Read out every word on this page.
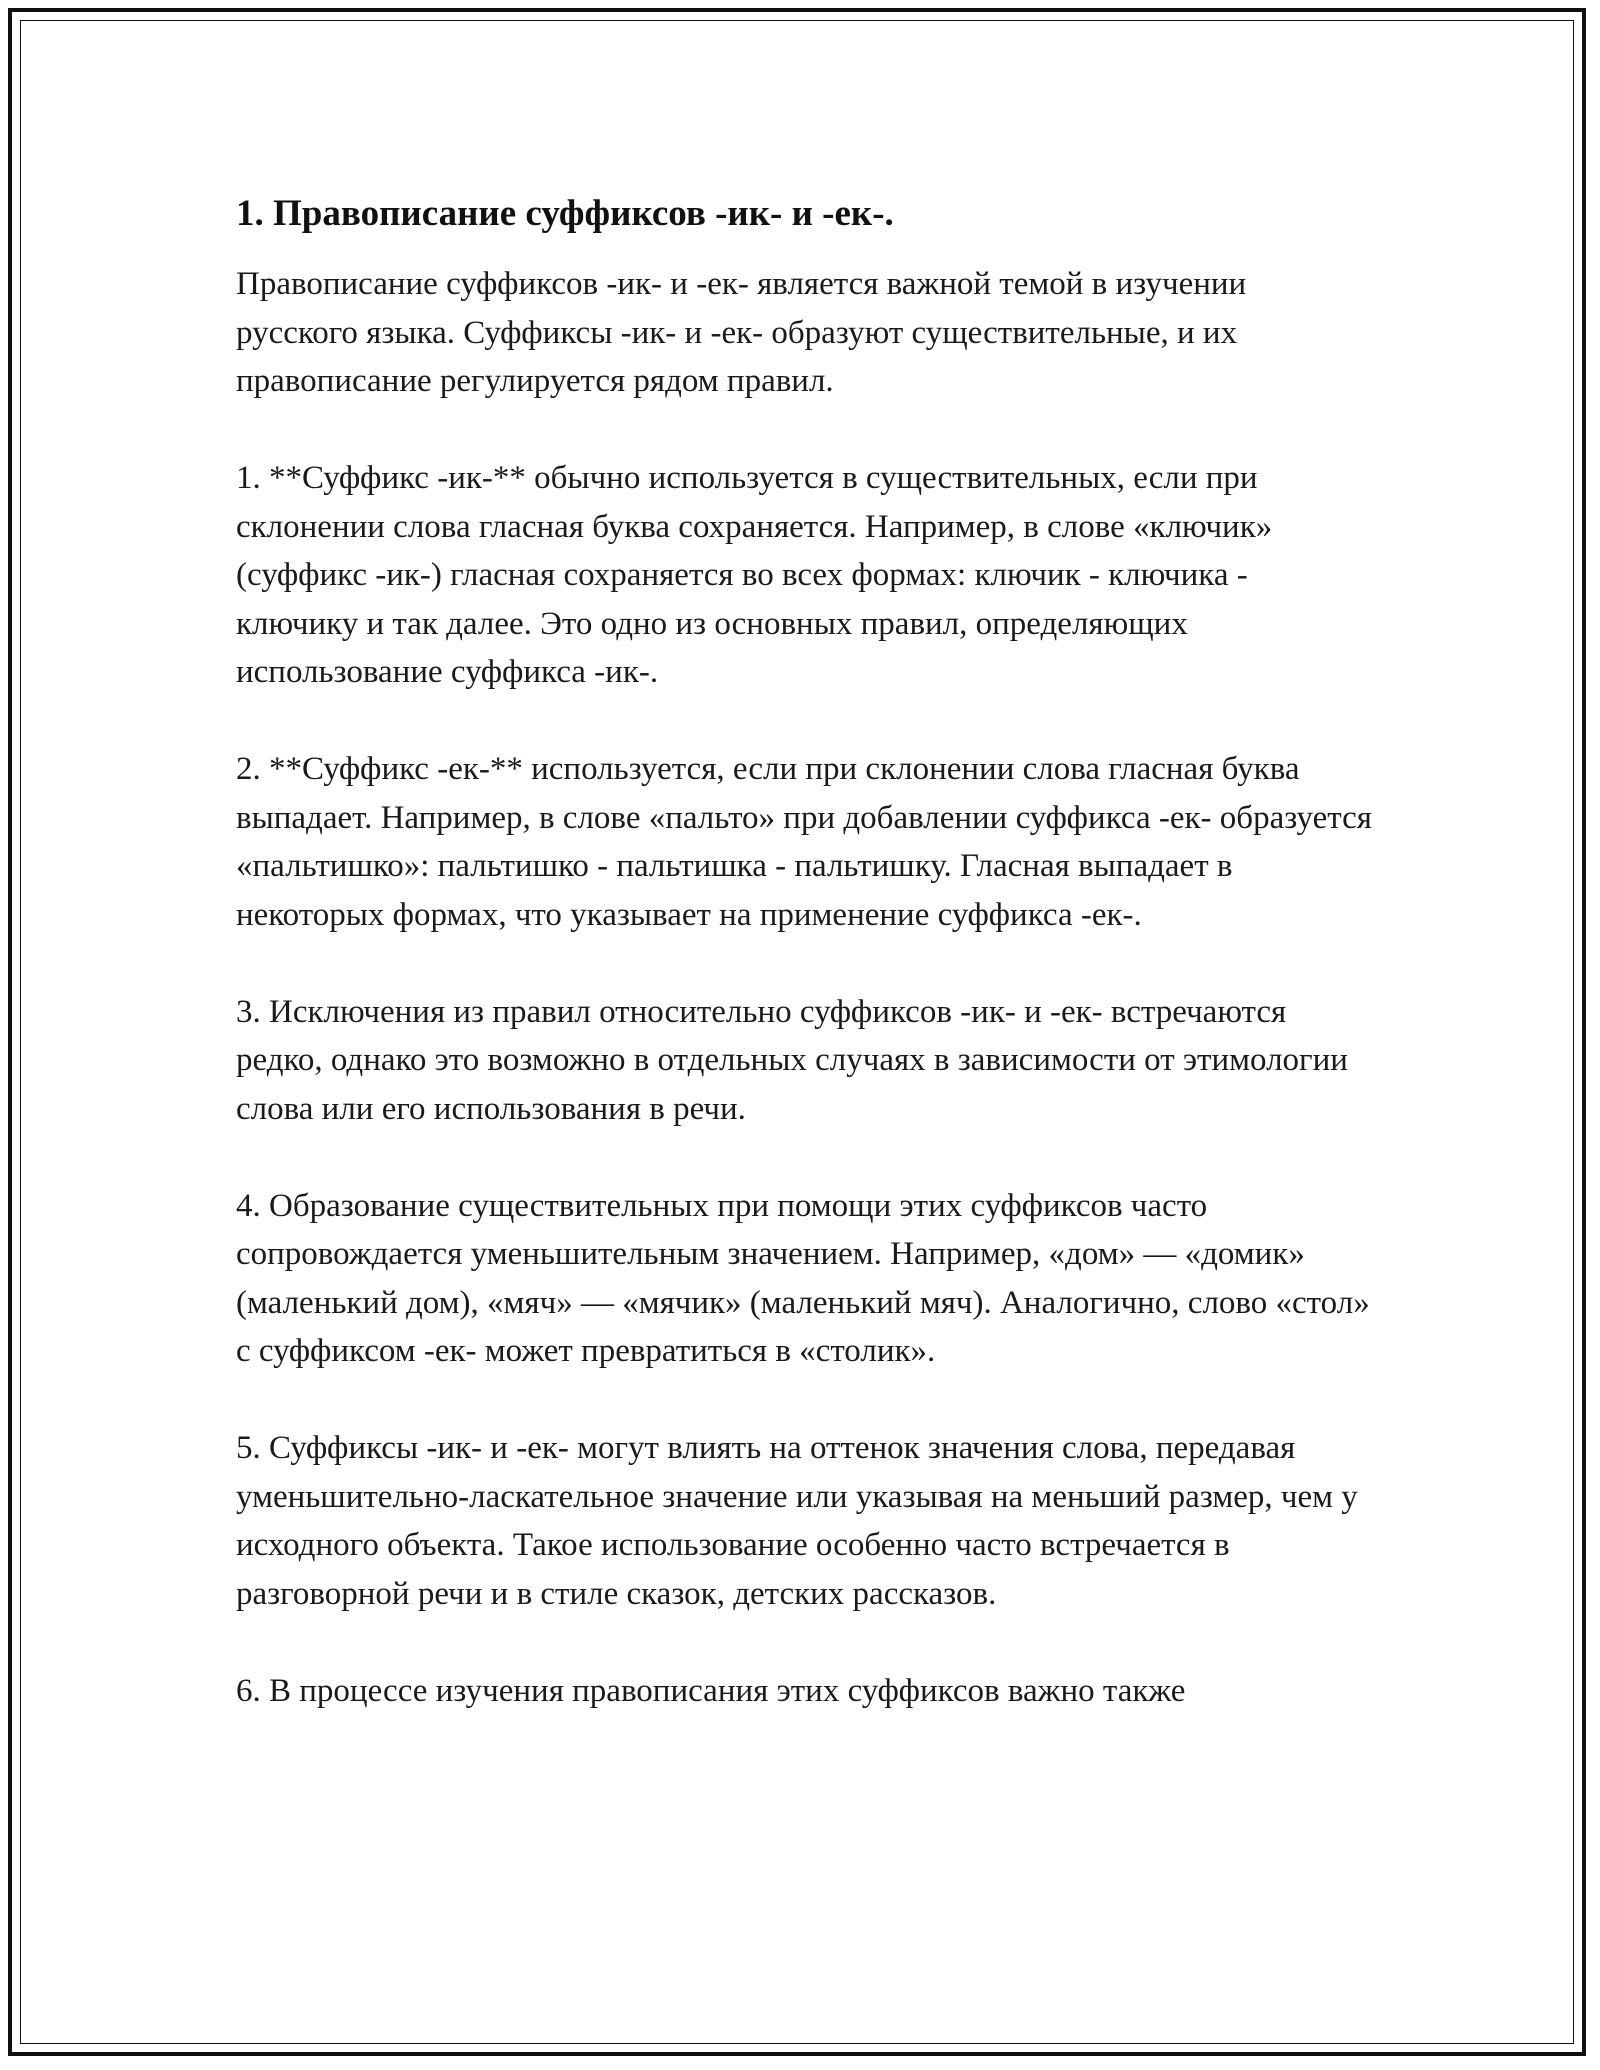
1. Правописание суффиксов -ик- и -ек-.

Правописание суффиксов -ик- и -ек- является важной темой в изучении русского языка. Суффиксы -ик- и -ек- образуют существительные, и их правописание регулируется рядом правил.

1. **Суффикс -ик-** обычно используется в существительных, если при склонении слова гласная буква сохраняется. Например, в слове «ключик» (суффикс -ик-) гласная сохраняется во всех формах: ключик - ключика - ключику и так далее. Это одно из основных правил, определяющих использование суффикса -ик-.

2. **Суффикс -ек-** используется, если при склонении слова гласная буква выпадает. Например, в слове «пальто» при добавлении суффикса -ек- образуется «пальтишко»: пальтишко - пальтишка - пальтишку. Гласная выпадает в некоторых формах, что указывает на применение суффикса -ек-.

3. Исключения из правил относительно суффиксов -ик- и -ек- встречаются редко, однако это возможно в отдельных случаях в зависимости от этимологии слова или его использования в речи.

4. Образование существительных при помощи этих суффиксов часто сопровождается уменьшительным значением. Например, «дом» — «домик» (маленький дом), «мяч» — «мячик» (маленький мяч). Аналогично, слово «стол» с суффиксом -ек- может превратиться в «столик».

5. Суффиксы -ик- и -ек- могут влиять на оттенок значения слова, передавая уменьшительно-ласкательное значение или указывая на меньший размер, чем у исходного объекта. Такое использование особенно часто встречается в разговорной речи и в стиле сказок, детских рассказов.

6. В процессе изучения правописания этих суффиксов важно также
